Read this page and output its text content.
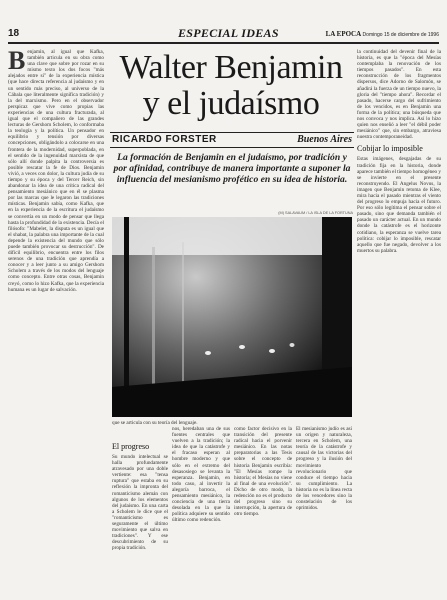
18	ESPECIAL IDEAS	LA EPOCA Domingo 15 de diciembre de 1996
B enjamin, al igual que Kafka, también articula en su obra como una clave que sobre por rozar en su mismo texto los dos focos "más alejados entre sí" de la experiencia mística (que hace directa referencia al judaísmo y en un sentido más preciso, al universo de la Cábala que literalmente significa tradición) y la del marxismo. Pero en el observador perspicaz que vive como propias las experiencias de una cultura fracturada, al igual que el compañero de las grandes lecturas de Gershom Scholem, lo conformaba la teología y la política. Un pensador en equilibrio y tensión por diversas concepciones, obligándolo a colocarse en una frontera de la modernidad, superpoblada, en el sentido de la ingenuidad marxista de que sólo allí donde palpita la controversia es posible rescatar la fe de Dios. Benjamin vivió, a veces con dolor, la cultura judía de su tiempo y su época y del Tercer Reich, sin abandonar la idea de una crítica radical del pensamiento mesiánico que en él se plasma por las marcas que le legaron las tradiciones místicas. Benjamin sabía, como Kafka, que en la experiencia de la escritura el judaísmo se convertía en un modo de pensar que llega hasta la profundidad de la existencia. Decía el filósofo: "Mabelet, la disputa es un igual que el shabat, la palabra una importante de la cual depende la existencia del mundo que sólo puede también provocar su destrucción". De difícil equilibrio, encuentra entre los filos serenos de una tradición que aprendía a conocer y a leer junto a su amigo Gershom Scholem a través de los modos del lenguaje como concepto. Entre otras cosas, Benjamin creyó, como lo hizo Kafka, que la experiencia humana es un lugar de salvación.

Walter Benjamin
y el judaísmo
RICARDO FORSTER	Buenos Aires
La formación de Benjamin en el judaísmo, por tradición y por afinidad, contribuye de manera importante a suponer la influencia del mesianismo profético en su idea de historia.
(M) SALAVAUM / LA ISLA DE LA FORTUNA
que se articula con su teoría del lenguaje.
El progreso

Su mundo intelectual se halla profundamente atravesado por una doble vertiente: esa "tensa ruptura" que estaba en su reflexión la impronta del romanticismo alemán con algunos de los elementos del judaísmo. En una carta a Scholem le dice que el "romanticismo es seguramente el último movimiento que salva en tradiciones". Y ese descubrimiento de su propia tradición.

nos, heredaban una de sus fuentes centrales que vuelven a la tradición; la idea de que la catástrofe y el fracaso esperan al hombre moderno y que sólo en el extremo del desasosiego se levanta la esperanza. Benjamin, en todo caso, al invertir la alegoría barroca, el pensamiento mesiánico, la conciencia de una tierra desolada en la que la política adquiere su sentido último como redención.

como factor decisivo en la transición del presente radical hacia el porvenir mesiánico. En las notas preparatorias a las Tesis sobre el concepto de historia Benjamin escribía: "El Mesías rompe la historia; el Mesías no viene al final de una evolución". Dicho de otro modo, la redención no es el producto del progreso sino su interrupción, la apertura de otro tiempo.

El mesianismo judío es así un origen y naturaleza, tercera en Scholem, una teoría de la catástrofe y causal de las victorias del progreso y la ilusión del movimiento revolucionario que conduce el tiempo hacia su cumplimiento. La historia no es la línea recta de los vencedores sino la constelación de los oprimidos.

la continuidad del devenir final de la historia, es que la "época del Mesías contemplaba la renovación de los tiempos pasados". En esta reconstrucción de los fragmentos dispersos, dice Adorno de Salomón, se añadirá la fuerza de un tiempo nuevo, la gloria del "tiempo ahora". Recordar el pasado, hacerse cargo del sufrimiento de los vencidos, es en Benjamin una forma de la política; una búsqueda que nos convoca y nos implica. Así lo hizo quien nos enseñó a leer "el débil poder mesiánico" que, sin embargo, atraviesa nuestra contemporaneidad.

Cobijar lo imposible

Estas imágenes, desgajadas de su tradición fija en la historia, donde aparece también el tiempo homogéneo y se invierte en el presente reconstruyendo. El Angelus Novus, la imagen que Benjamin retoma de Klee, mira hacia el pasado mientras el viento del progreso lo empuja hacia el futuro. Por eso sólo legítima el pensar sobre el pasado, sino que demanda también el pasado un carácter actual. En un mundo donde la catástrofe es el horizonte cotidiano, la esperanza se vuelve tarea política: cobijar lo imposible, rescatar aquello que fue negado, devolver a los muertos su palabra.
